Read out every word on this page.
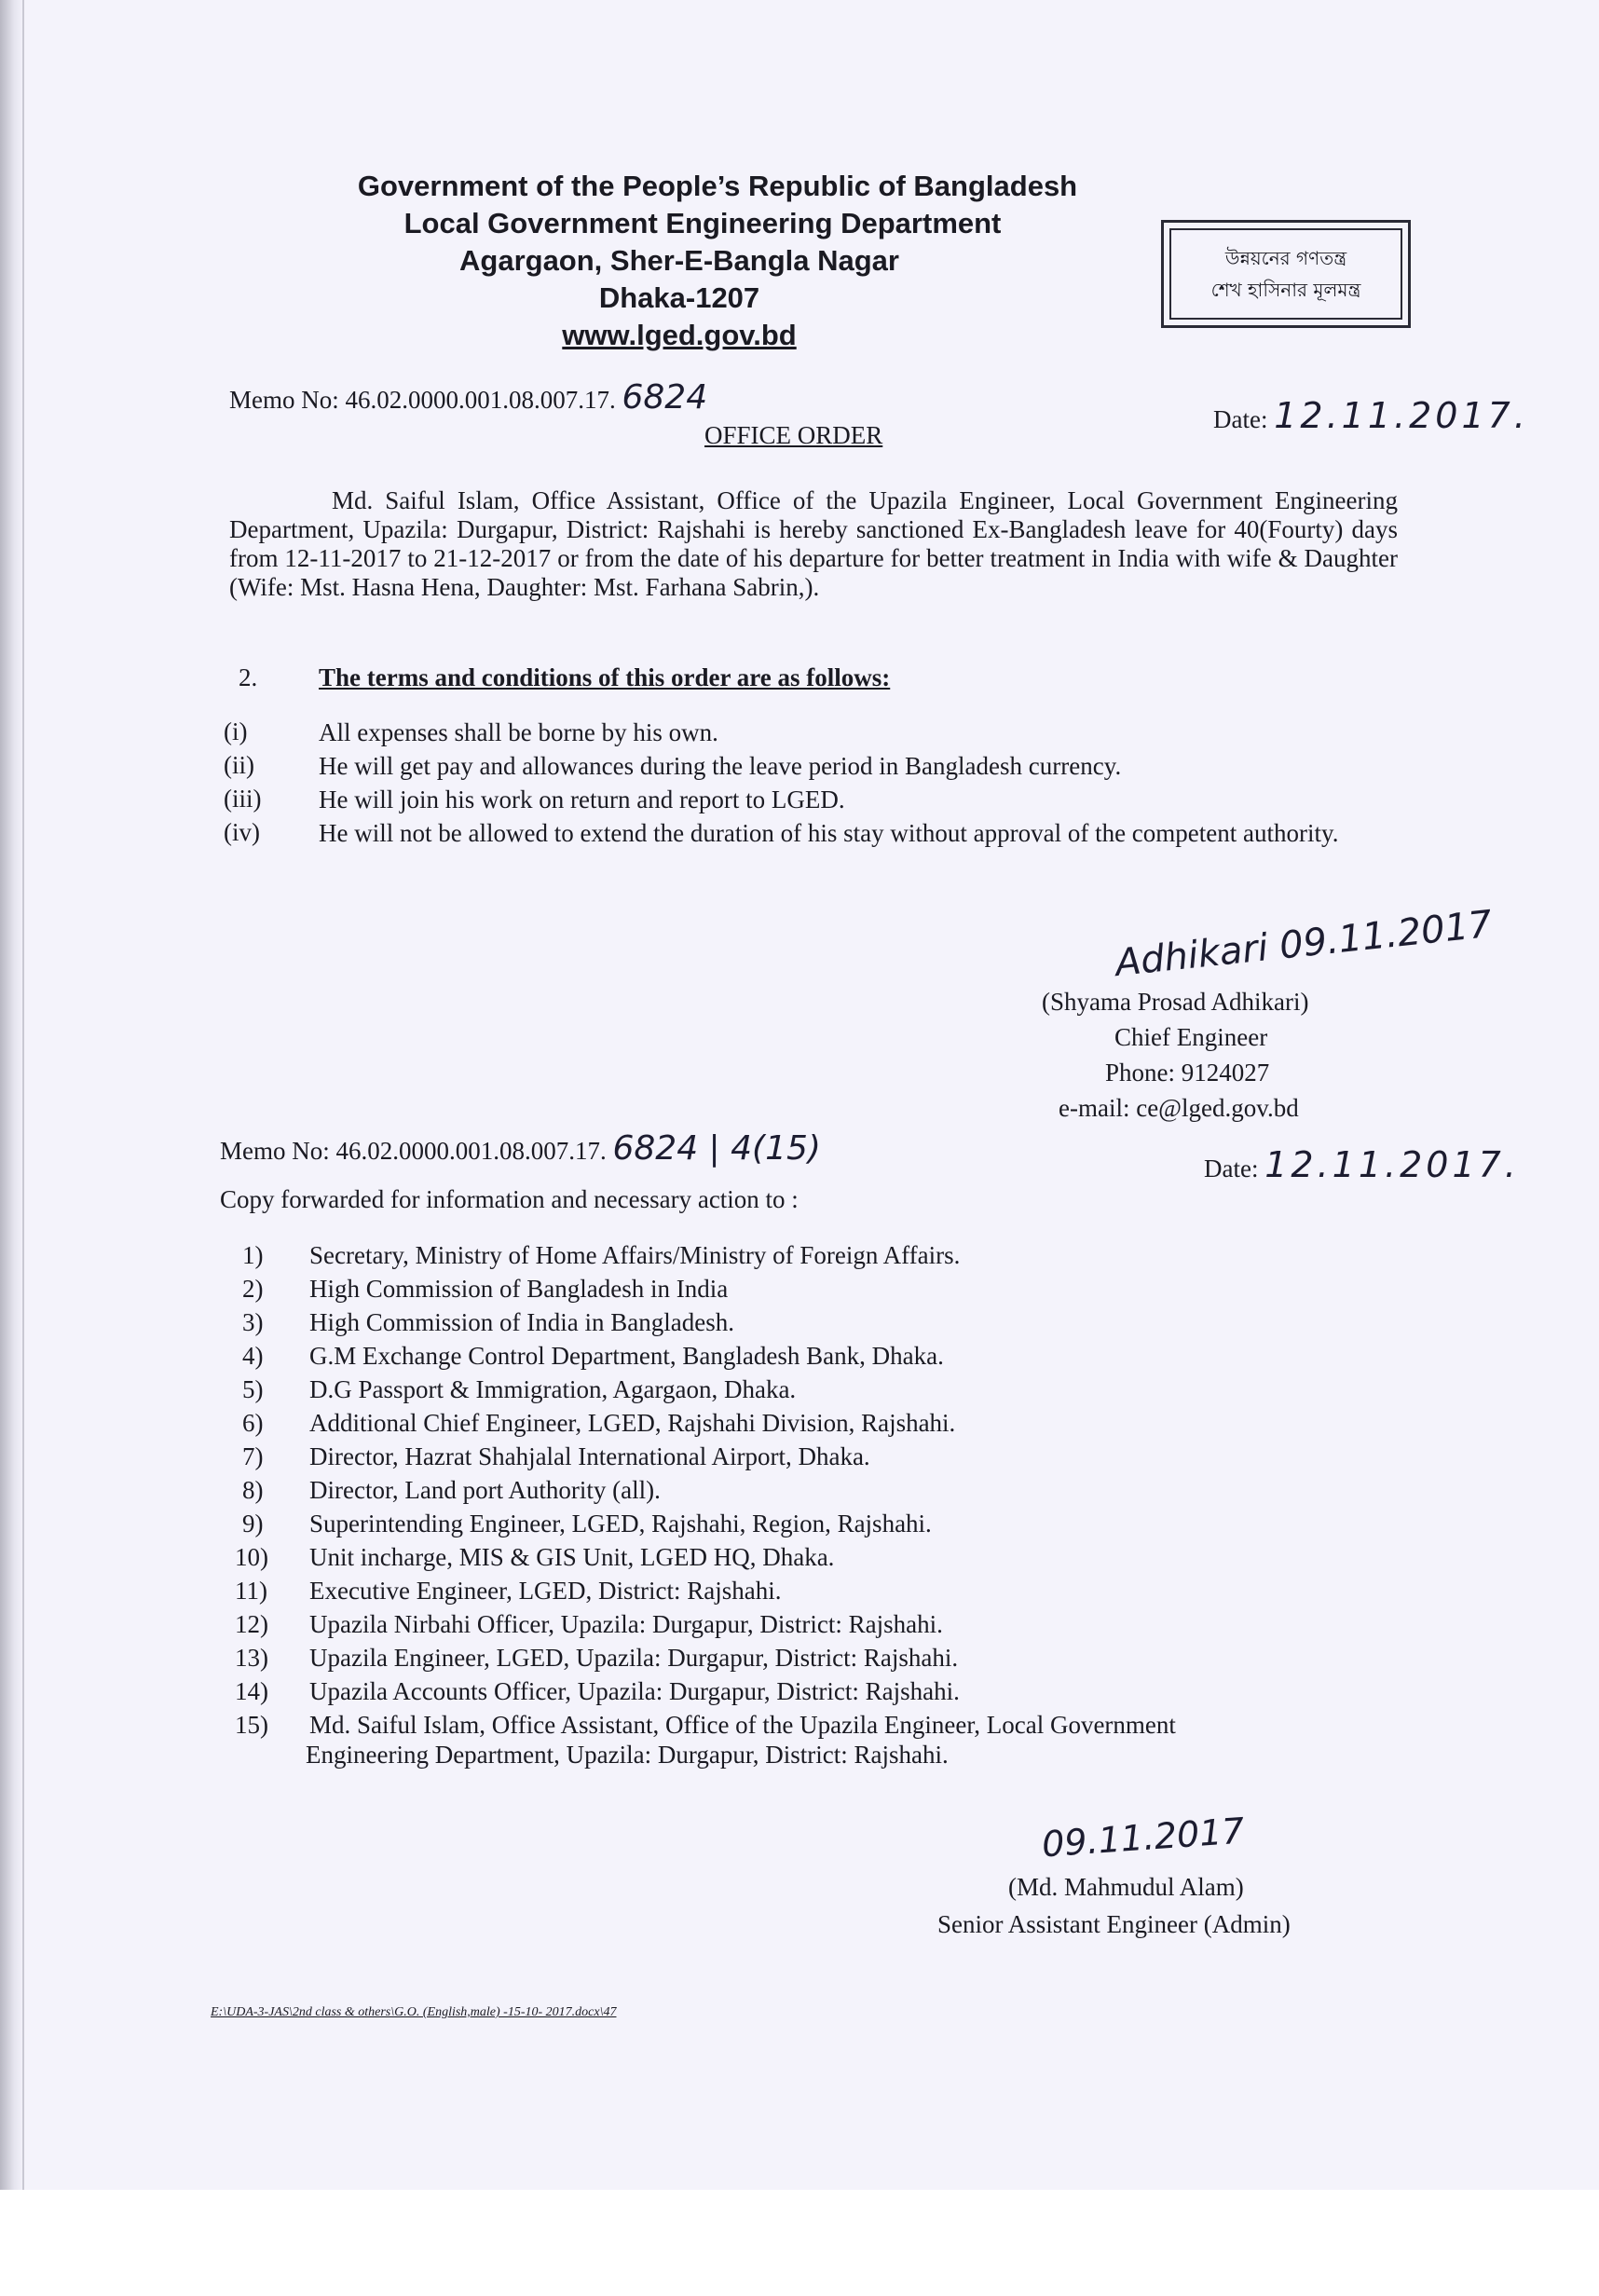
Government of the People’s Republic of Bangladesh
Local Government Engineering Department
Agargaon, Sher-E-Bangla Nagar
Dhaka-1207
www.lged.gov.bd
উন্নয়নের গণতন্ত্র
শেখ হাসিনার মূলমন্ত্র
Memo No: 46.02.0000.001.08.007.17. 6824
Date: 12.11.2017.
OFFICE ORDER
Md. Saiful Islam, Office Assistant, Office of the Upazila Engineer, Local Government Engineering Department, Upazila: Durgapur, District: Rajshahi is hereby sanctioned Ex-Bangladesh leave for 40(Fourty) days from 12-11-2017 to 21-12-2017 or from the date of his departure for better treatment in India with wife & Daughter (Wife: Mst. Hasna Hena, Daughter: Mst. Farhana Sabrin,).
2. The terms and conditions of this order are as follows:
(i)	All expenses shall be borne by his own.
(ii)	He will get pay and allowances during the leave period in Bangladesh currency.
(iii) He will join his work on return and report to LGED.
(iv) He will not be allowed to extend the duration of his stay without approval of the competent authority.
Adhikari 09.11.2017
(Shyama Prosad Adhikari)
Chief Engineer
Phone: 9124027
e-mail: ce@lged.gov.bd
Memo No: 46.02.0000.001.08.007.17. 6824 | 4(15)
Date: 12.11.2017.
Copy forwarded for information and necessary action to :
1) Secretary, Ministry of Home Affairs/Ministry of Foreign Affairs.
2) High Commission of Bangladesh in India
3) High Commission of India in Bangladesh.
4) G.M Exchange Control Department, Bangladesh Bank, Dhaka.
5) D.G Passport & Immigration, Agargaon, Dhaka.
6) Additional Chief Engineer, LGED, Rajshahi Division, Rajshahi.
7) Director, Hazrat Shahjalal International Airport, Dhaka.
8) Director, Land port Authority (all).
9) Superintending Engineer, LGED, Rajshahi, Region, Rajshahi.
10) Unit incharge, MIS & GIS Unit, LGED HQ, Dhaka.
11) Executive Engineer, LGED, District: Rajshahi.
12) Upazila Nirbahi Officer, Upazila: Durgapur, District: Rajshahi.
13) Upazila Engineer, LGED, Upazila: Durgapur, District: Rajshahi.
14) Upazila Accounts Officer, Upazila: Durgapur, District: Rajshahi.
15) Md. Saiful Islam, Office Assistant, Office of the Upazila Engineer, Local Government
Engineering Department, Upazila: Durgapur, District: Rajshahi.
09.11.2017
(Md. Mahmudul Alam)
Senior Assistant Engineer (Admin)
E:\UDA-3-JAS\2nd class & others\G.O. (English,male) -15-10- 2017.docx\47
